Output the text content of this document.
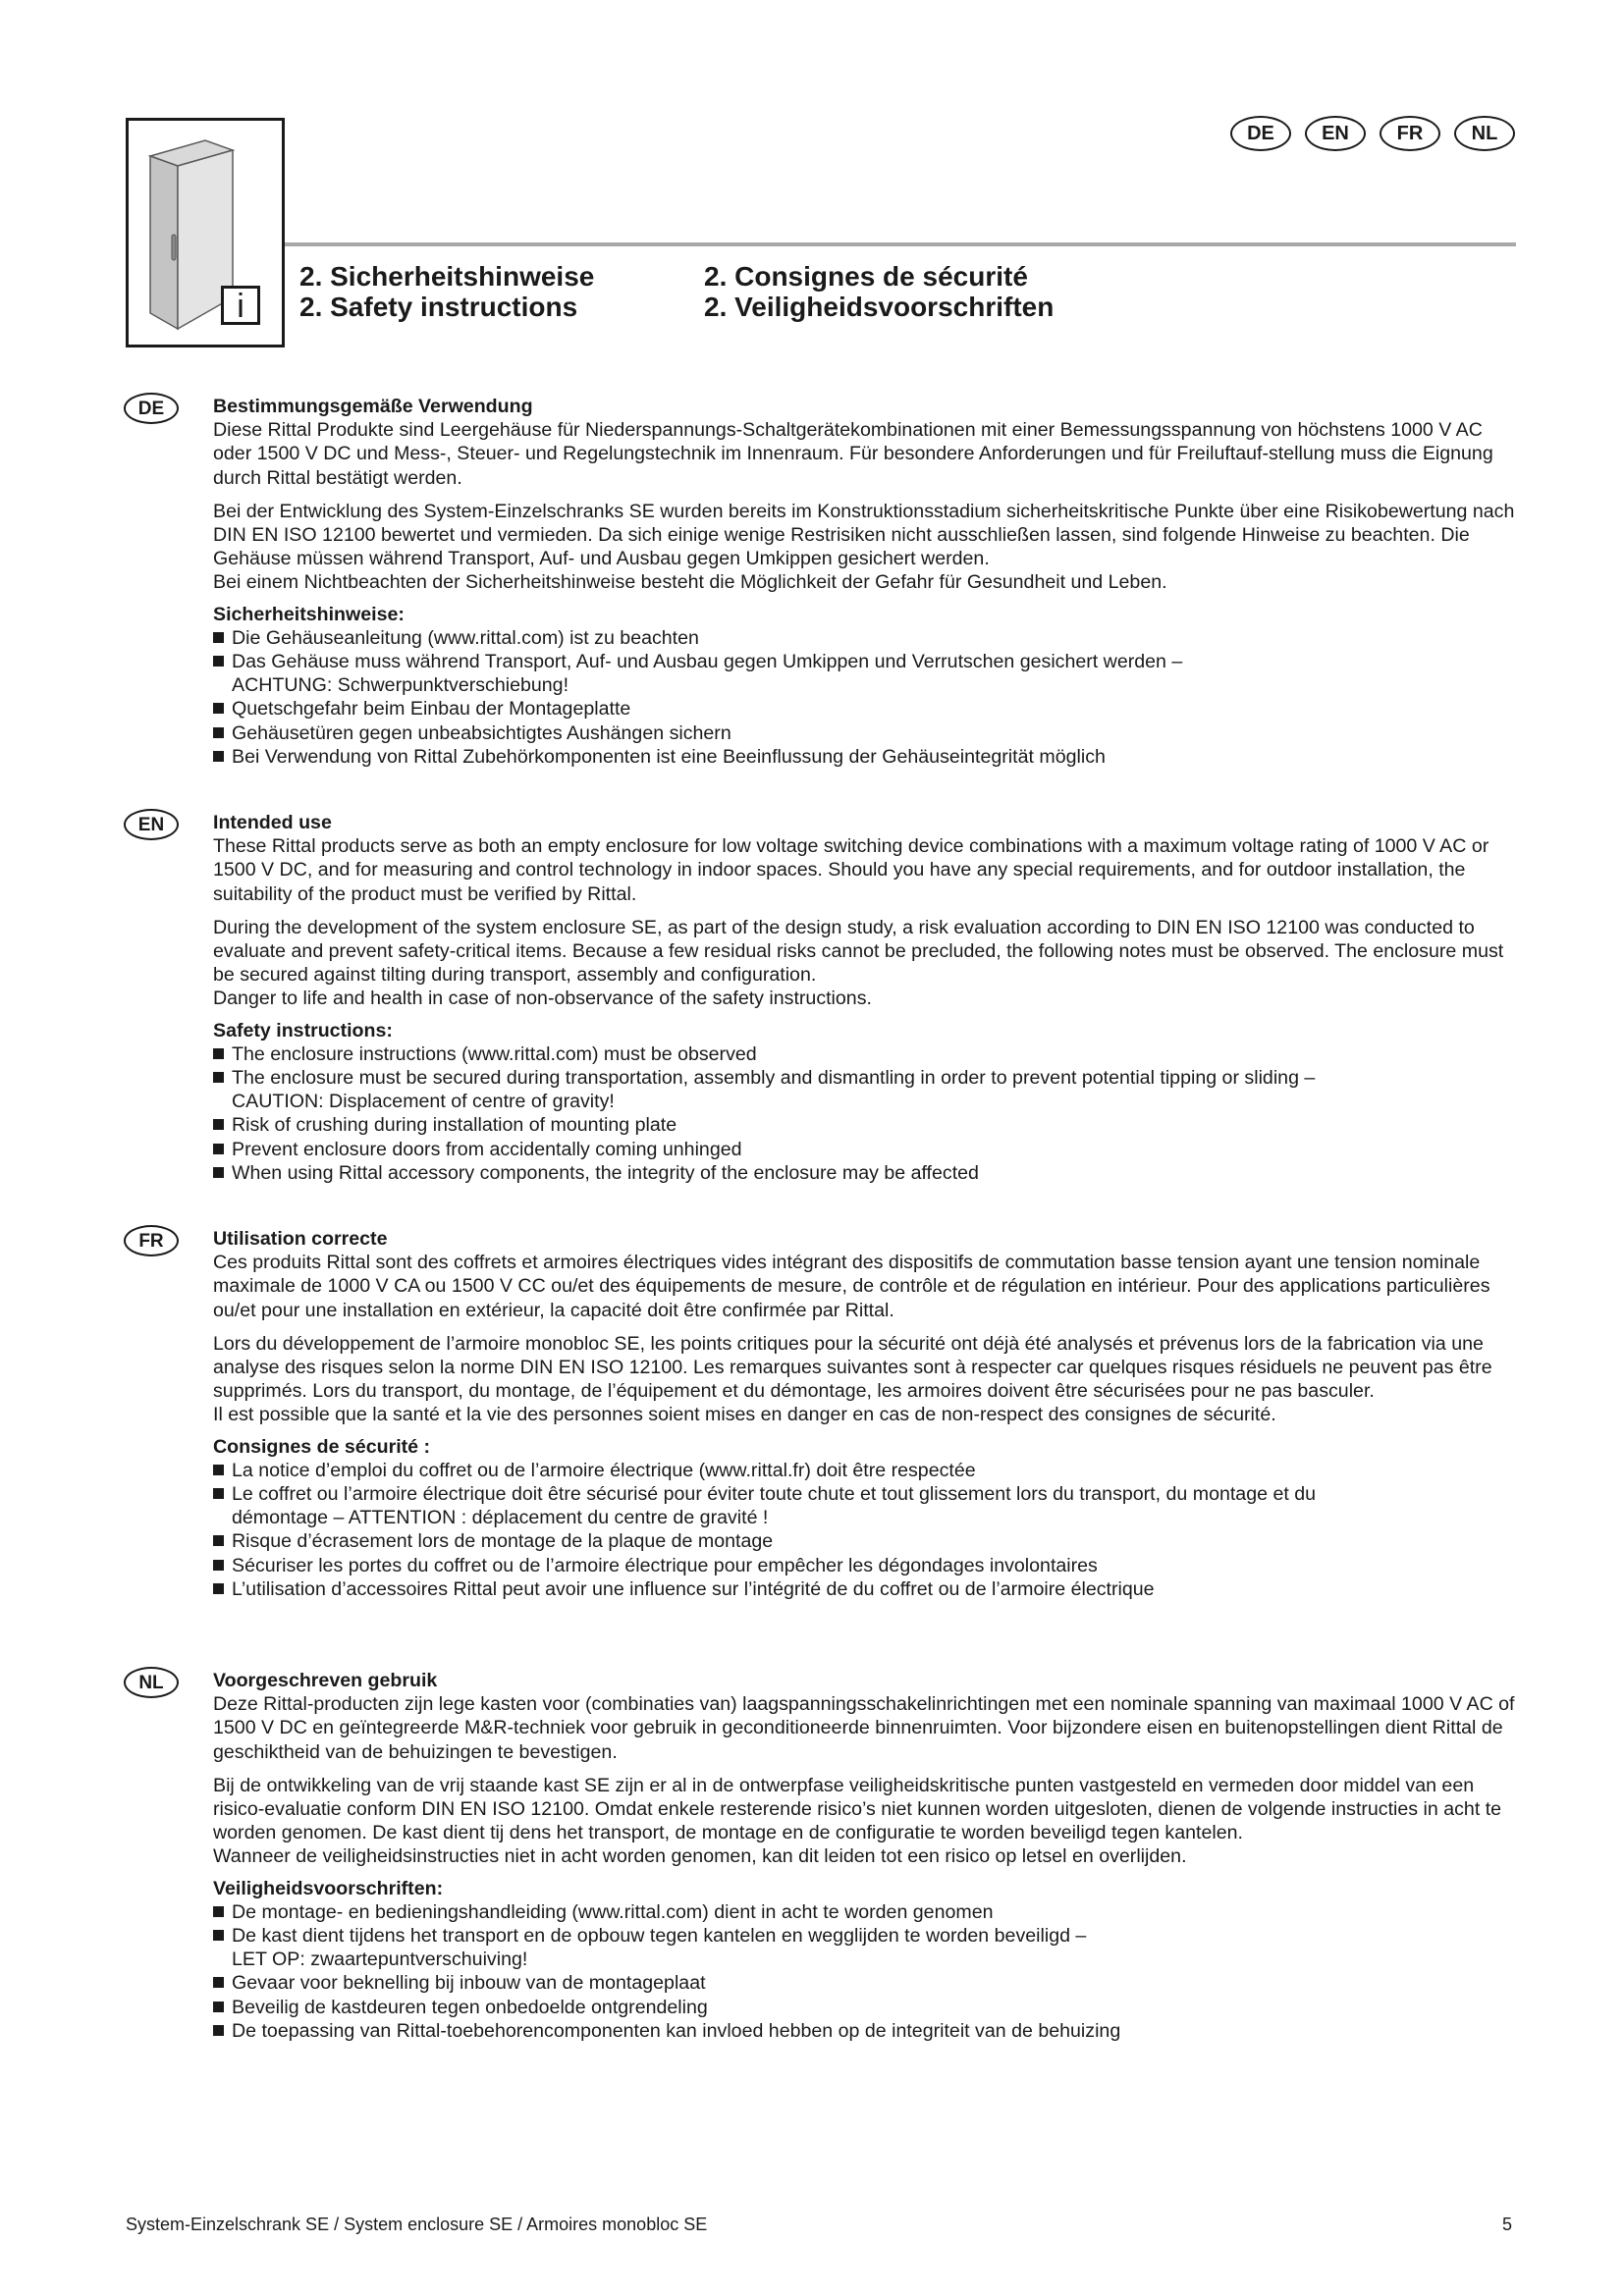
DE	EN	FR	NL
i
2. Sicherheitshinweise
2. Safety instructions
2. Consignes de sécurité
2. Veiligheidsvoorschriften
DE	Bestimmungsgemäße Verwendung

Diese Rittal Produkte sind Leergehäuse für Niederspannungs-Schaltgerätekombinationen mit einer Bemessungsspannung von höchstens 1000 V AC oder 1500 V DC und Mess-, Steuer- und Regelungstechnik im Innenraum. Für besondere Anforderungen und für Freiluftauf-stellung muss die Eignung durch Rittal bestätigt werden.

Bei der Entwicklung des System-Einzelschranks SE wurden bereits im Konstruktionsstadium sicherheitskritische Punkte über eine Risikobewertung nach DIN EN ISO 12100 bewertet und vermieden. Da sich einige wenige Restrisiken nicht ausschließen lassen, sind folgende Hinweise zu beachten. Die Gehäuse müssen während Transport, Auf- und Ausbau gegen Umkippen gesichert werden.

Bei einem Nichtbeachten der Sicherheitshinweise besteht die Möglichkeit der Gefahr für Gesundheit und Leben.

Sicherheitshinweise:
Die Gehäuseanleitung (www.rittal.com) ist zu beachten
Das Gehäuse muss während Transport, Auf- und Ausbau gegen Umkippen und Verrutschen gesichert werden –
ACHTUNG: Schwerpunktverschiebung!
Quetschgefahr beim Einbau der Montageplatte
Gehäusetüren gegen unbeabsichtigtes Aushängen sichern
Bei Verwendung von Rittal Zubehörkomponenten ist eine Beeinflussung der Gehäuseintegrität möglich
EN	Intended use

These Rittal products serve as both an empty enclosure for low voltage switching device combinations with a maximum voltage rating of 1000 V AC or 1500 V DC, and for measuring and control technology in indoor spaces. Should you have any special requirements, and for outdoor installation, the suitability of the product must be verified by Rittal.

During the development of the system enclosure SE, as part of the design study, a risk evaluation according to DIN EN ISO 12100 was conducted to evaluate and prevent safety-critical items. Because a few residual risks cannot be precluded, the following notes must be observed. The enclosure must be secured against tilting during transport, assembly and configuration.

Danger to life and health in case of non-observance of the safety instructions.

Safety instructions:
The enclosure instructions (www.rittal.com) must be observed
The enclosure must be secured during transportation, assembly and dismantling in order to prevent potential tipping or sliding –
CAUTION: Displacement of centre of gravity!
Risk of crushing during installation of mounting plate
Prevent enclosure doors from accidentally coming unhinged
When using Rittal accessory components, the integrity of the enclosure may be affected
FR	Utilisation correcte

Ces produits Rittal sont des coffrets et armoires électriques vides intégrant des dispositifs de commutation basse tension ayant une tension nominale maximale de 1000 V CA ou 1500 V CC ou/et des équipements de mesure, de contrôle et de régulation en intérieur. Pour des applications particulières ou/et pour une installation en extérieur, la capacité doit être confirmée par Rittal.

Lors du développement de l’armoire monobloc SE, les points critiques pour la sécurité ont déjà été analysés et prévenus lors de la fabrication via une analyse des risques selon la norme DIN EN ISO 12100. Les remarques suivantes sont à respecter car quelques risques résiduels ne peuvent pas être supprimés. Lors du transport, du montage, de l’équipement et du démontage, les armoires doivent être sécurisées pour ne pas basculer.

Il est possible que la santé et la vie des personnes soient mises en danger en cas de non-respect des consignes de sécurité.

Consignes de sécurité :
La notice d’emploi du coffret ou de l’armoire électrique (www.rittal.fr) doit être respectée
Le coffret ou l’armoire électrique doit être sécurisé pour éviter toute chute et tout glissement lors du transport, du montage et du
démontage – ATTENTION : déplacement du centre de gravité !
Risque d’écrasement lors de montage de la plaque de montage
Sécuriser les portes du coffret ou de l’armoire électrique pour empêcher les dégondages involontaires
L’utilisation d’accessoires Rittal peut avoir une influence sur l’intégrité de du coffret ou de l’armoire électrique
NL	Voorgeschreven gebruik

Deze Rittal-producten zijn lege kasten voor (combinaties van) laagspanningsschakelinrichtingen met een nominale spanning van maximaal 1000 V AC of 1500 V DC en geïntegreerde M&R-techniek voor gebruik in geconditioneerde binnenruimten. Voor bijzondere eisen en buitenopstellingen dient Rittal de geschiktheid van de behuizingen te bevestigen.

Bij de ontwikkeling van de vrij staande kast SE zijn er al in de ontwerpfase veiligheidskritische punten vastgesteld en vermeden door middel van een risico-evaluatie conform DIN EN ISO 12100. Omdat enkele resterende risico’s niet kunnen worden uitgesloten, dienen de volgende instructies in acht te worden genomen. De kast dient tij dens het transport, de montage en de configuratie te worden beveiligd tegen kantelen.

Wanneer de veiligheidsinstructies niet in acht worden genomen, kan dit leiden tot een risico op letsel en overlijden.

Veiligheidsvoorschriften:
De montage- en bedieningshandleiding (www.rittal.com) dient in acht te worden genomen
De kast dient tijdens het transport en de opbouw tegen kantelen en wegglijden te worden beveiligd –
LET OP: zwaartepuntverschuiving!
Gevaar voor beknelling bij inbouw van de montageplaat
Beveilig de kastdeuren tegen onbedoelde ontgrendeling
De toepassing van Rittal-toebehorencomponenten kan invloed hebben op de integriteit van de behuizing
System-Einzelschrank SE / System enclosure SE / Armoires monobloc SE	5
